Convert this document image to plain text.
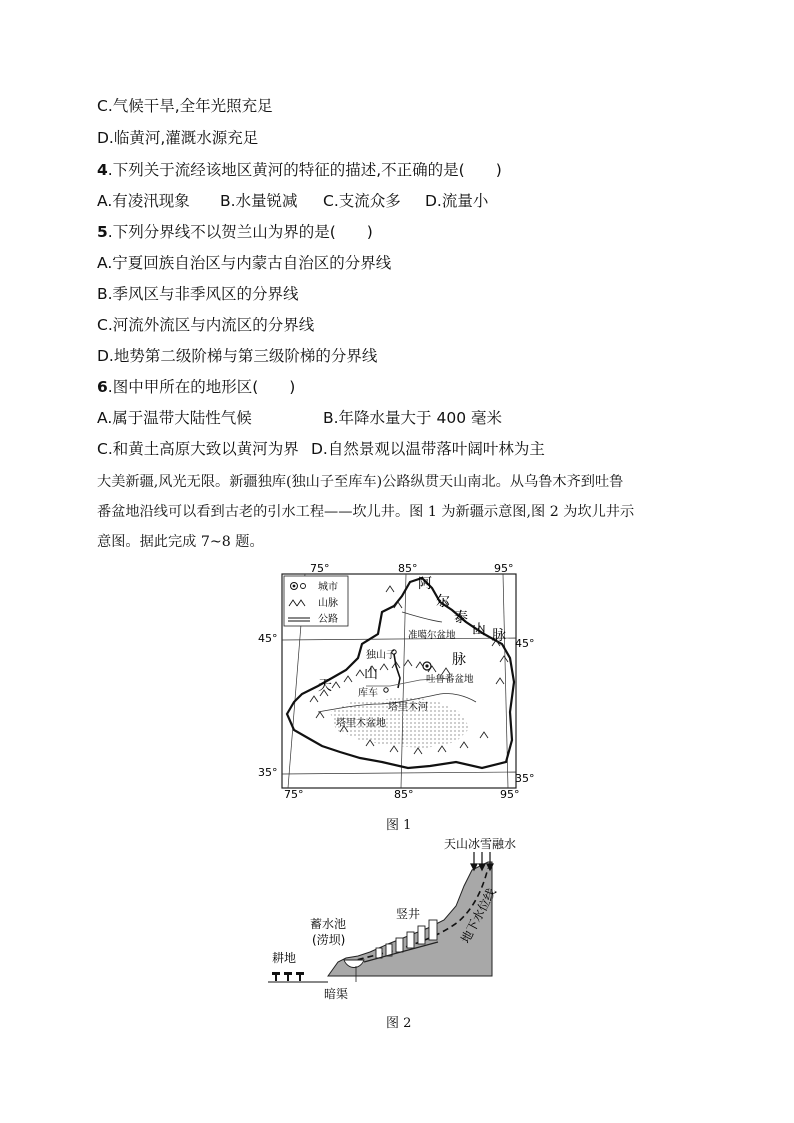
C.气候干旱,全年光照充足
D.临黄河,灌溉水源充足
4.下列关于流经该地区黄河的特征的描述,不正确的是(　　)
A.有凌汛现象 B.水量锐减 C.支流众多 D.流量小
5.下列分界线不以贺兰山为界的是(　　)
A.宁夏回族自治区与内蒙古自治区的分界线
B.季风区与非季风区的分界线
C.河流外流区与内流区的分界线
D.地势第二级阶梯与第三级阶梯的分界线
6.图中甲所在的地形区(　　)
A.属于温带大陆性气候	B.年降水量大于 400 毫米
C.和黄土高原大致以黄河为界 D.自然景观以温带落叶阔叶林为主
大美新疆,风光无限。新疆独库(独山子至库车)公路纵贯天山南北。从乌鲁木齐到吐鲁
番盆地沿线可以看到古老的引水工程——坎儿井。图 1 为新疆示意图,图 2 为坎儿井示
意图。据此完成 7~8 题。
城市
山脉
公路
75°	85°	95°
75°	85°	95°
45°
35°
45°
35°
阿
尔
泰
山 脉
准噶尔盆地
独山子
库车
天
山
脉
吐鲁番盆地
塔里木河
塔里木盆地
图 1
天山冰雪融水
竖井
蓄水池
(涝坝)
耕地
暗渠
地下水位线
图 2
